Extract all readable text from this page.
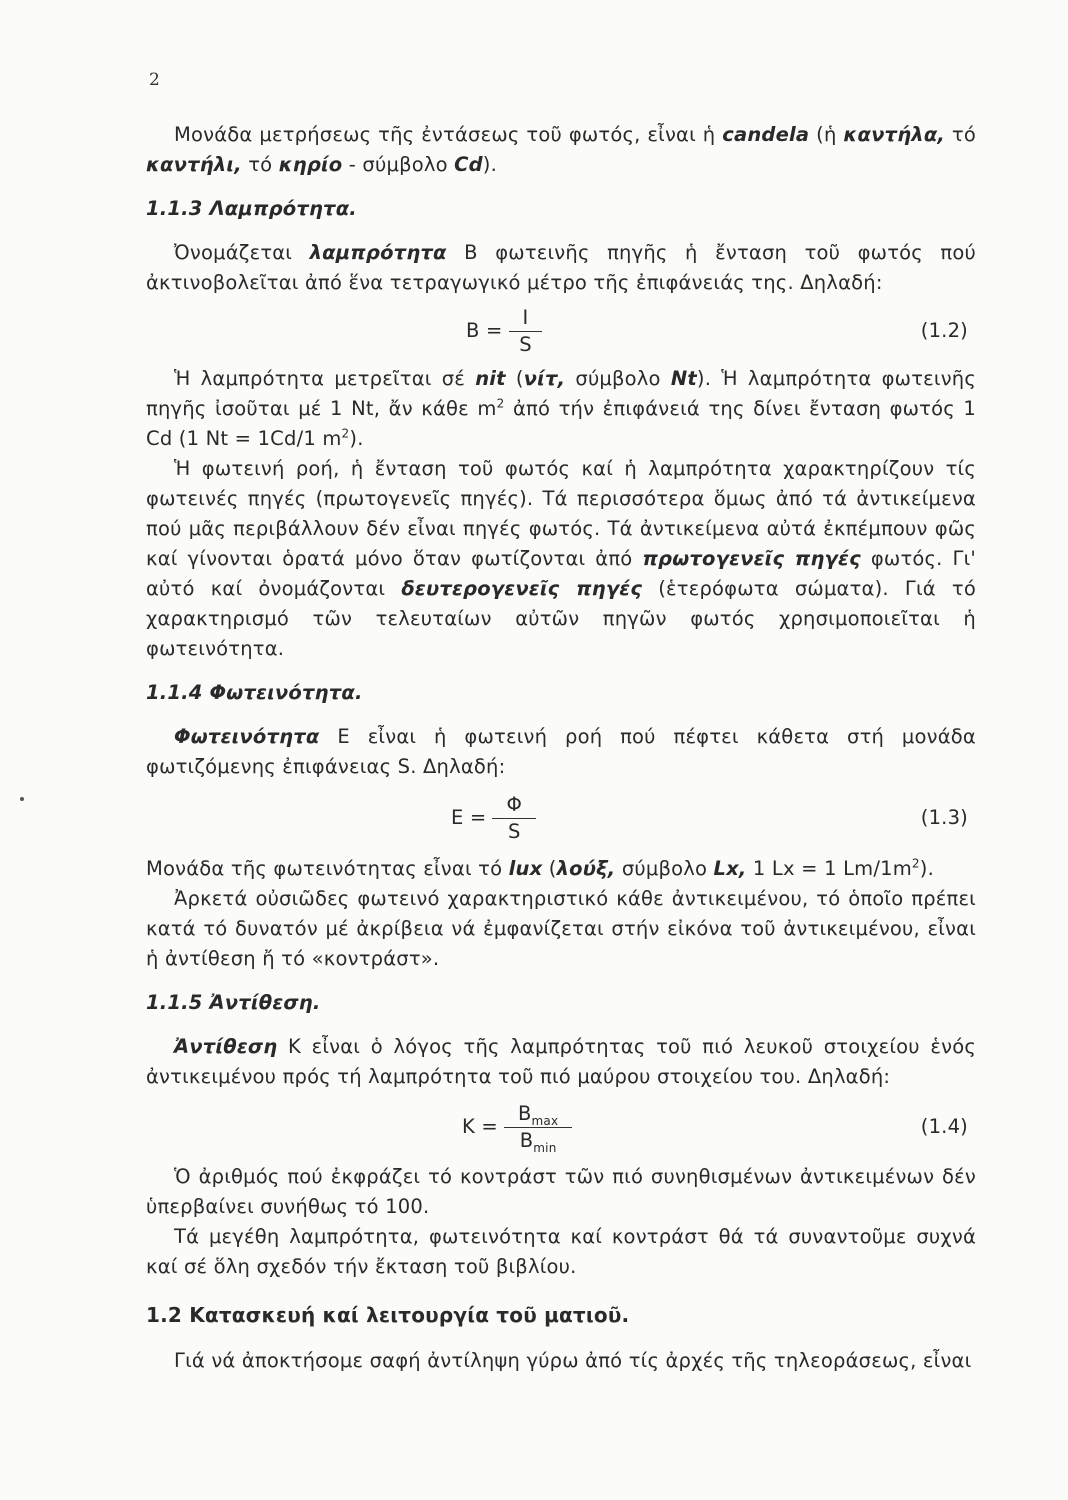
2

Μονάδα μετρήσεως τῆς ἐντάσεως τοῦ φωτός, εἶναι ἡ candela (ἡ καντήλα, τό καντήλι, τό κηρίο - σύμβολο Cd).

1.1.3 Λαμπρότητα.

Ὀνομάζεται λαμπρότητα B φωτεινῆς πηγῆς ἡ ἔνταση τοῦ φωτός πού ἀκτινοβολεῖται ἀπό ἕνα τετραγωγικό μέτρο τῆς ἐπιφάνειάς της. Δηλαδή:

$B = \frac{I}{S}$	(1.2)

Ἡ λαμπρότητα μετρεῖται σέ nit (νίτ, σύμβολο Nt). Ἡ λαμπρότητα φωτεινῆς πηγῆς ἰσοῦται μέ 1 Nt, ἄν κάθε $m^2$ ἀπό τήν ἐπιφάνειά της δίνει ἔνταση φωτός 1 Cd (1 Nt = 1Cd/1 $m^2$).

Ἡ φωτεινή ροή, ἡ ἔνταση τοῦ φωτός καί ἡ λαμπρότητα χαρακτηρίζουν τίς φωτεινές πηγές (πρωτογενεῖς πηγές). Τά περισσότερα ὅμως ἀπό τά ἀντικείμενα πού μᾶς περιβάλλουν δέν εἶναι πηγές φωτός. Τά ἀντικείμενα αὐτά ἐκπέμπουν φῶς καί γίνονται ὁρατά μόνο ὅταν φωτίζονται ἀπό πρωτογενεῖς πηγές φωτός. Γι' αὐτό καί ὀνομάζονται δευτερογενεῖς πηγές (ἑτερόφωτα σώματα). Γιά τό χαρακτηρισμό τῶν τελευταίων αὐτῶν πηγῶν φωτός χρησιμοποιεῖται ἡ φωτεινότητα.

1.1.4 Φωτεινότητα.

Φωτεινότητα E εἶναι ἡ φωτεινή ροή πού πέφτει κάθετα στή μονάδα φωτιζόμενης ἐπιφάνειας S. Δηλαδή:

$E = \frac{\Phi}{S}$	(1.3)

Μονάδα τῆς φωτεινότητας εἶναι τό lux (λούξ, σύμβολο Lx, 1 Lx = 1 $Lm/1m^2$).

Ἀρκετά οὐσιῶδες φωτεινό χαρακτηριστικό κάθε ἀντικειμένου, τό ὁποῖο πρέπει κατά τό δυνατόν μέ ἀκρίβεια νά ἐμφανίζεται στήν εἰκόνα τοῦ ἀντικειμένου, εἶναι ἡ ἀντίθεση ἤ τό «κοντράστ».

1.1.5 Ἀντίθεση.

Ἀντίθεση K εἶναι ὁ λόγος τῆς λαμπρότητας τοῦ πιό λευκοῦ στοιχείου ἑνός ἀντικειμένου πρός τή λαμπρότητα τοῦ πιό μαύρου στοιχείου του. Δηλαδή:

$K = \frac{B_{max}}{B_{min}}$	(1.4)

Ὁ ἀριθμός πού ἐκφράζει τό κοντράστ τῶν πιό συνηθισμένων ἀντικειμένων δέν ὑπερβαίνει συνήθως τό 100.

Τά μεγέθη λαμπρότητα, φωτεινότητα καί κοντράστ θά τά συναντοῦμε συχνά καί σέ ὅλη σχεδόν τήν ἔκταση τοῦ βιβλίου.

1.2 Κατασκευή καί λειτουργία τοῦ ματιοῦ.

Γιά νά ἀποκτήσομε σαφή ἀντίληψη γύρω ἀπό τίς ἀρχές τῆς τηλεοράσεως, εἶναι
